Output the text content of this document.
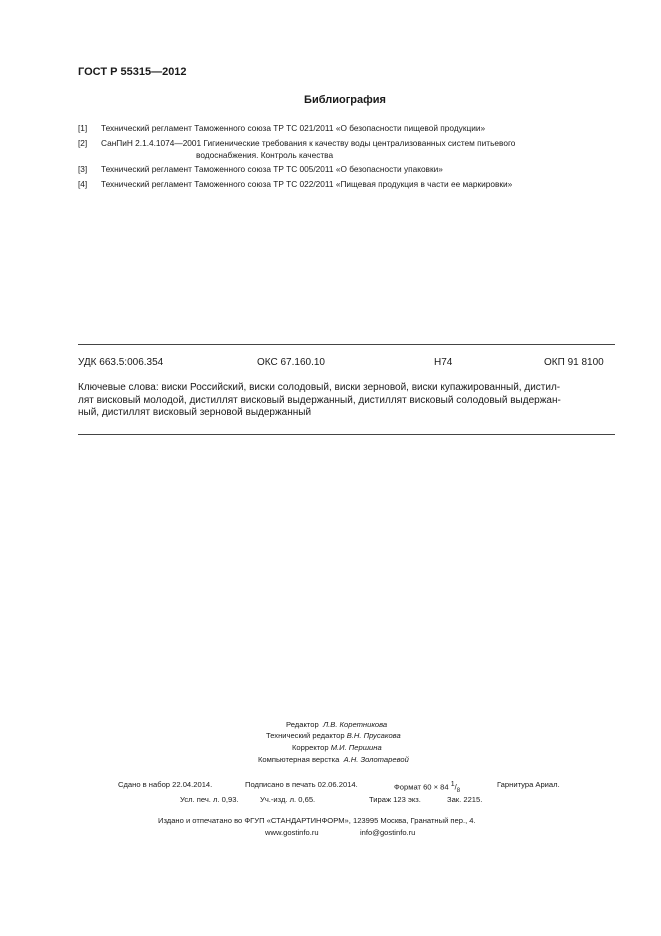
ГОСТ Р 55315—2012
Библиография
[1] Технический регламент Таможенного союза ТР ТС 021/2011 «О безопасности пищевой продукции»
[2] СанПиН 2.1.4.1074—2001 Гигиенические требования к качеству воды централизованных систем питьевого
водоснабжения. Контроль качества
[3] Технический регламент Таможенного союза ТР ТС 005/2011 «О безопасности упаковки»
[4] Технический регламент Таможенного союза ТР ТС 022/2011 «Пищевая продукция в части ее маркировки»
УДК 663.5:006.354	ОКС 67.160.10	Н74	ОКП 91 8100
Ключевые слова: виски Российский, виски солодовый, виски зерновой, виски купажированный, дистил-
лят висковый молодой, дистиллят висковый выдержанный, дистиллят висковый солодовый выдержан-
ный, дистиллят висковый зерновой выдержанный
Редактор Л.В. Коретникова
Технический редактор В.Н. Прусакова
Корректор М.И. Першина
Компьютерная верстка А.Н. Золотаревой
Сдано в набор 22.04.2014.	Подписано в печать 02.06.2014.	Формат 60 × 84 $^1/_8$
Гарнитура Ариал.
Усл. печ. л. 0,93.	Уч.-изд. л. 0,65.	Тираж 123 экз.	Зак. 2215.
Издано и отпечатано во ФГУП «СТАНДАРТИНФОРМ», 123995 Москва, Гранатный пер., 4.
www.gostinfo.ru	info@gostinfo.ru
